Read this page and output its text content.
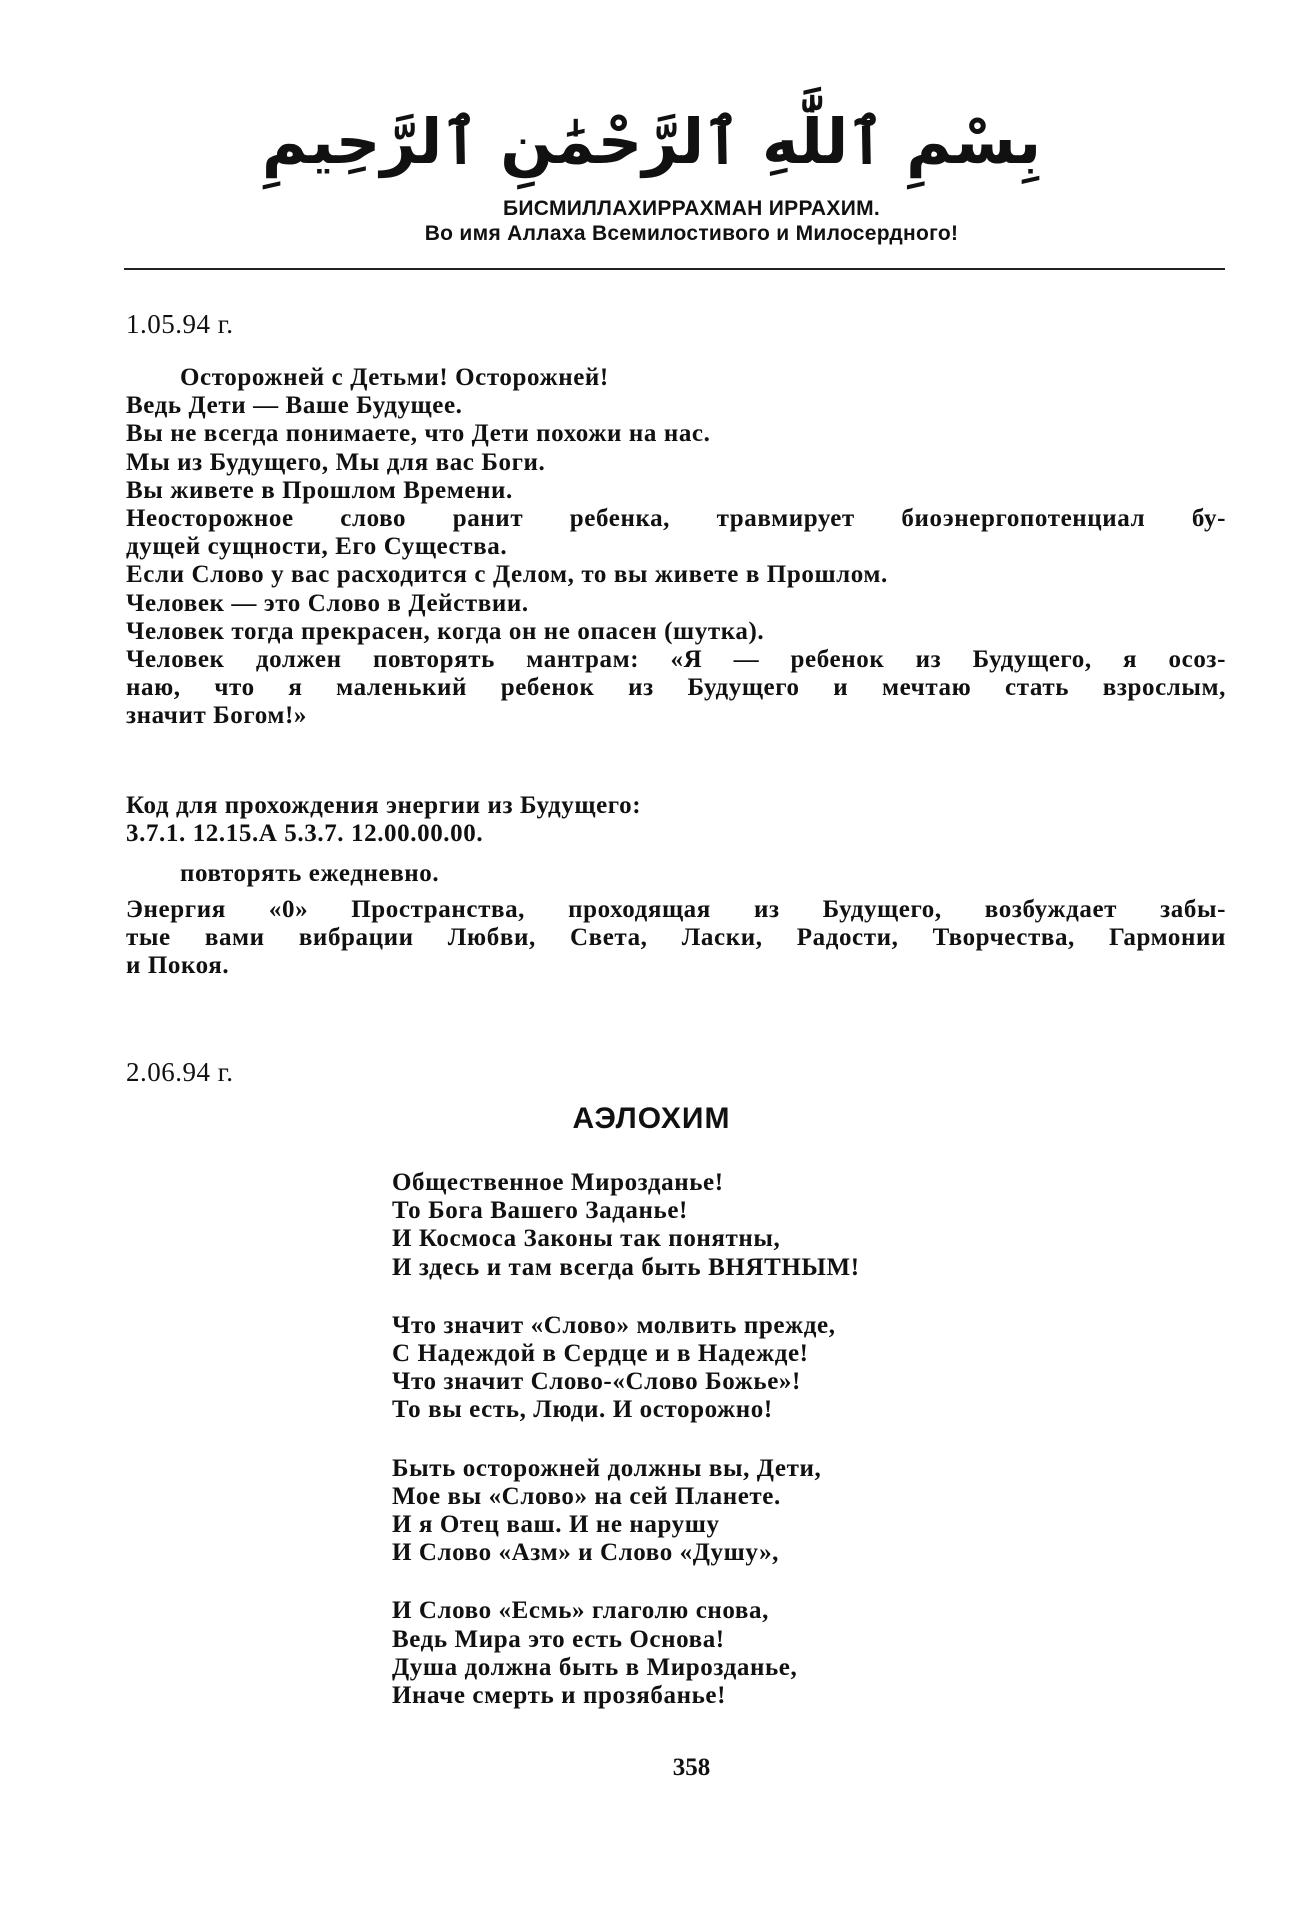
بِسْمِ ٱللَّٰهِ ٱلرَّحْمَٰنِ ٱلرَّحِيمِ
БИСМИЛЛАХИРРАХМАН ИРРАХИМ.
Во имя Аллаха Всемилостивого и Милосердного!
1.05.94 г.
Осторожней с Детьми! Осторожней!
Ведь Дети — Ваше Будущее.
Вы не всегда понимаете, что Дети похожи на нас.
Мы из Будущего, Мы для вас Боги.
Вы живете в Прошлом Времени.
Неосторожное слово ранит ребенка, травмирует биоэнергопотенциал бу-
дущей сущности, Его Существа.
Если Слово у вас расходится с Делом, то вы живете в Прошлом.
Человек — это Слово в Действии.
Человек тогда прекрасен, когда он не опасен (шутка).
Человек должен повторять мантрам: «Я — ребенок из Будущего, я осоз-
наю, что я маленький ребенок из Будущего и мечтаю стать взрослым,
значит Богом!»
Код для прохождения энергии из Будущего:
3.7.1. 12.15.А 5.3.7. 12.00.00.00.
повторять ежедневно.
Энергия «0» Пространства, проходящая из Будущего, возбуждает забы-
тые вами вибрации Любви, Света, Ласки, Радости, Творчества, Гармонии
и Покоя.
2.06.94 г.
АЭЛОХИМ
Общественное Мирозданье!
То Бога Вашего Заданье!
И Космоса Законы так понятны,
И здесь и там всегда быть ВНЯТНЫМ!
Что значит «Слово» молвить прежде,
С Надеждой в Сердце и в Надежде!
Что значит Слово-«Слово Божье»!
То вы есть, Люди. И осторожно!
Быть осторожней должны вы, Дети,
Мое вы «Слово» на сей Планете.
И я Отец ваш. И не нарушу
И Слово «Азм» и Слово «Душу»,
И Слово «Есмь» глаголю снова,
Ведь Мира это есть Основа!
Душа должна быть в Мирозданье,
Иначе смерть и прозябанье!
358
